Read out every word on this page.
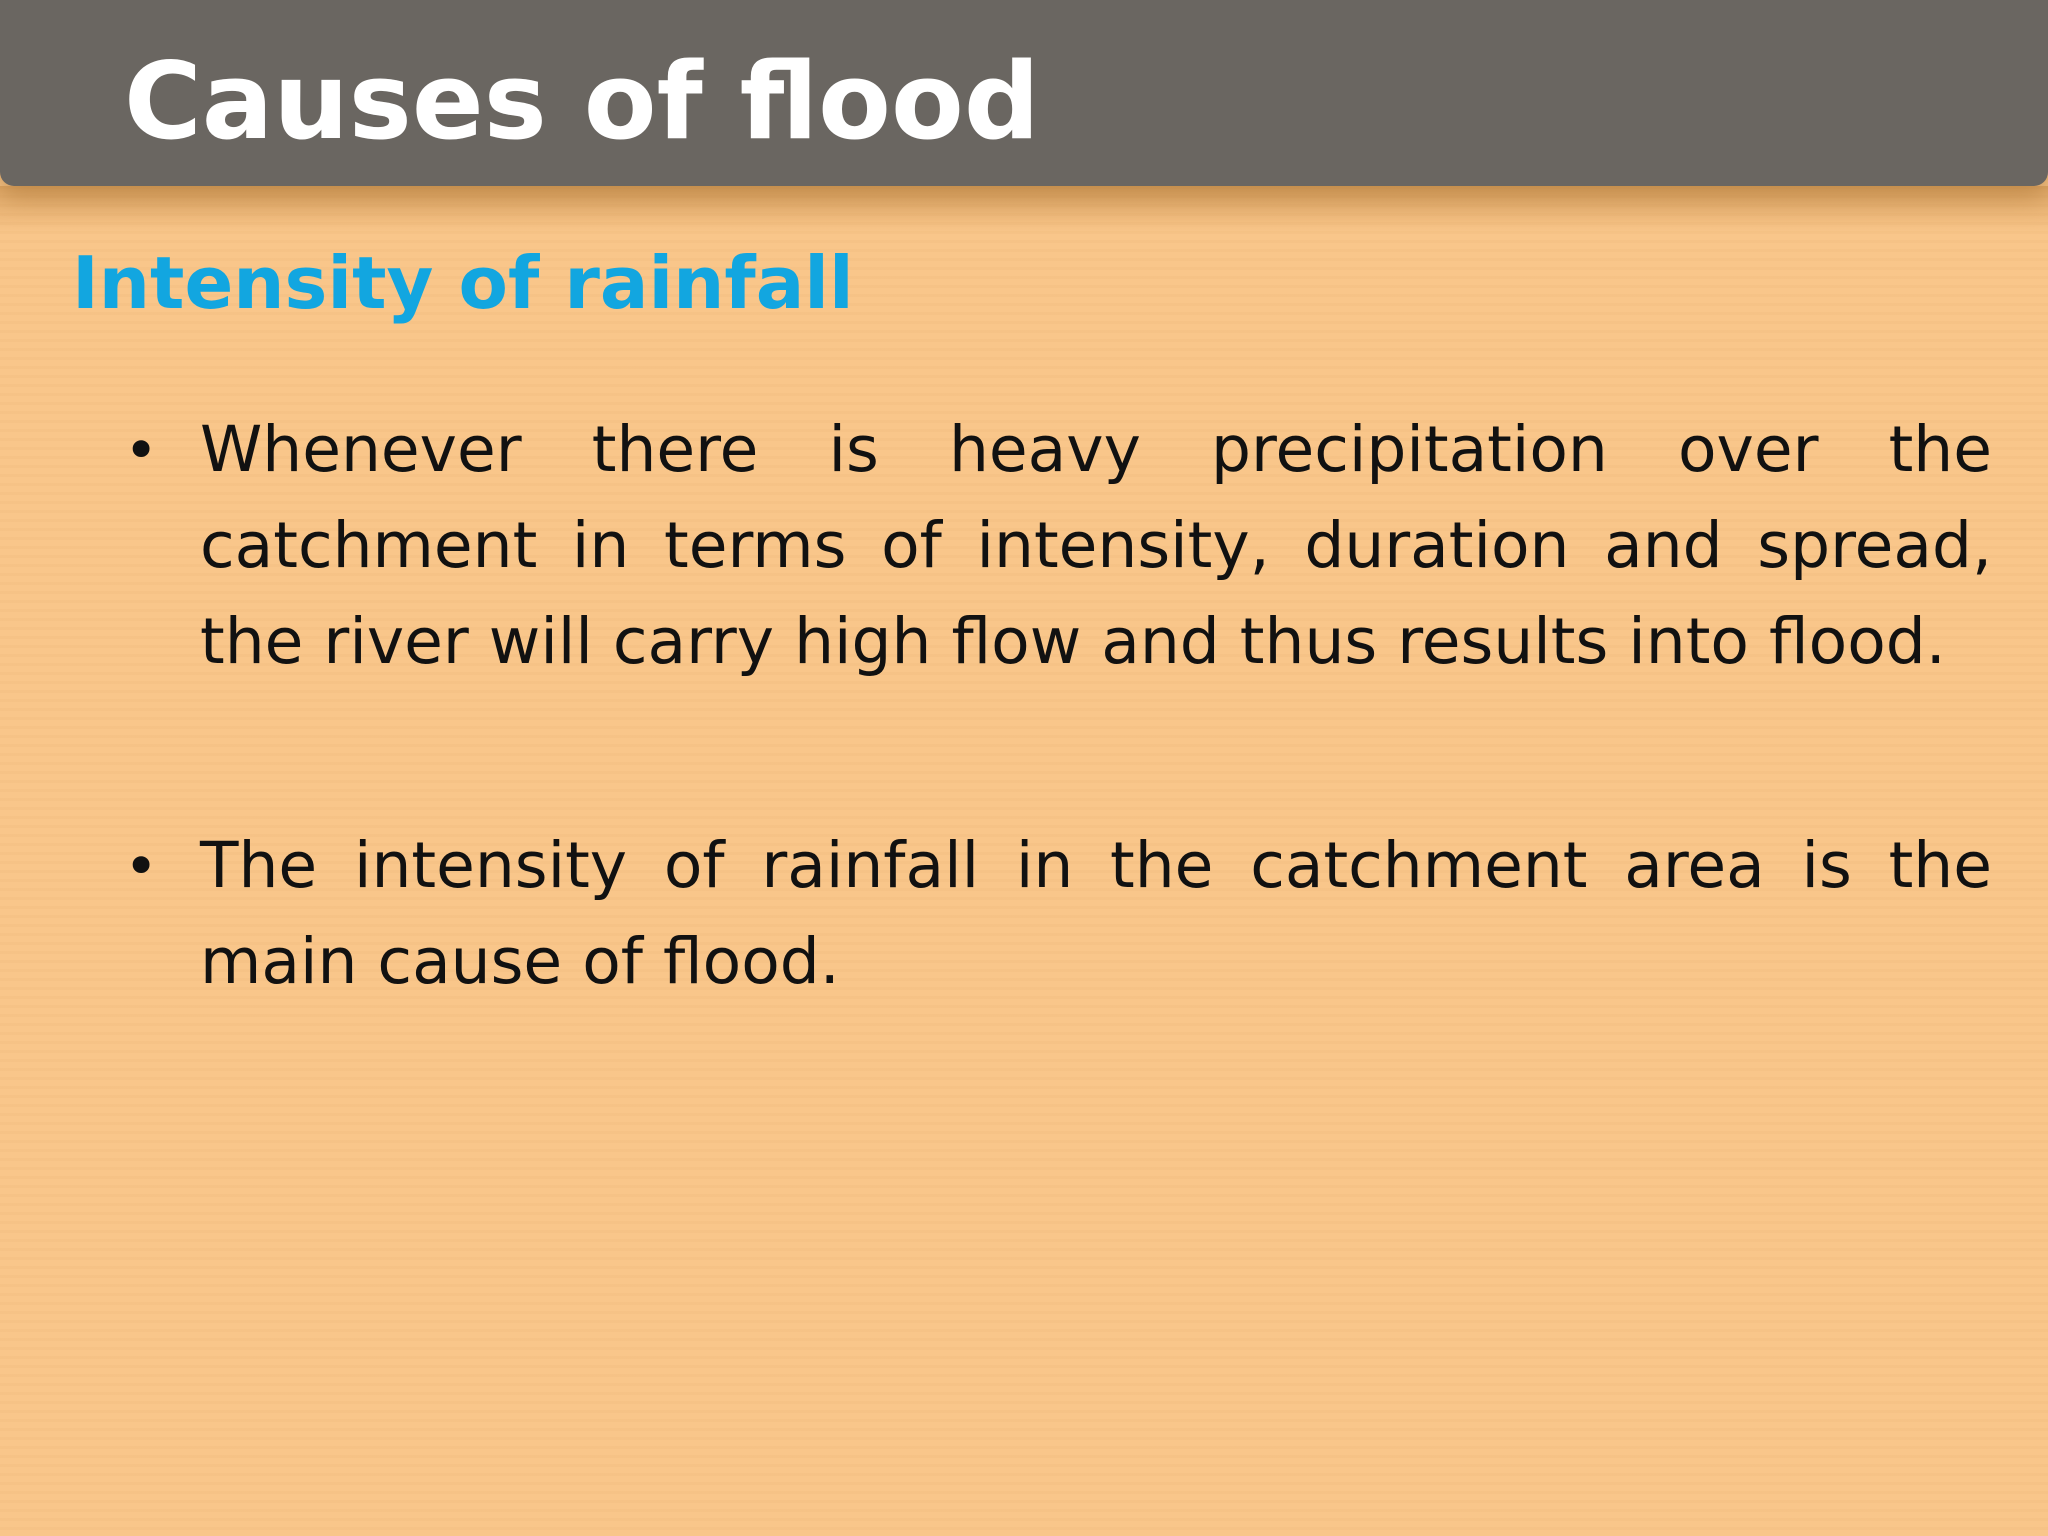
Causes of flood
Intensity of rainfall
• Whenever there is heavy precipitation over the catchment in terms of intensity, duration and spread, the river will carry high flow and thus results into flood.
• The intensity of rainfall in the catchment area is the main cause of flood.
